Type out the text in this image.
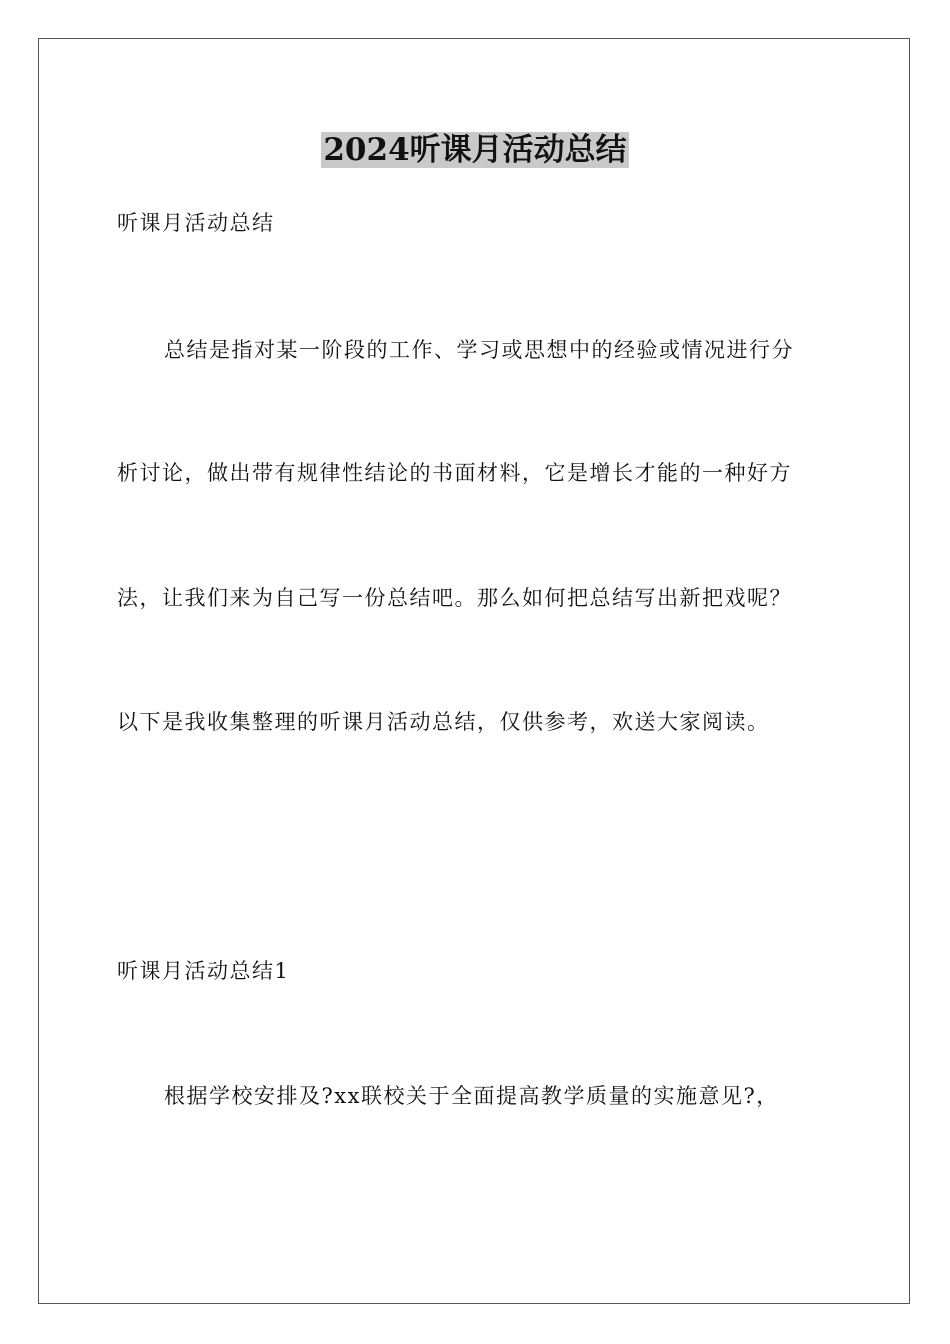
2024听课月活动总结
听课月活动总结
总结是指对某一阶段的工作、学习或思想中的经验或情况进行分
析讨论，做出带有规律性结论的书面材料，它是增长才能的一种好方
法，让我们来为自己写一份总结吧。那么如何把总结写出新把戏呢？
以下是我收集整理的听课月活动总结，仅供参考，欢送大家阅读。
听课月活动总结1
根据学校安排及?xx联校关于全面提高教学质量的实施意见?，
